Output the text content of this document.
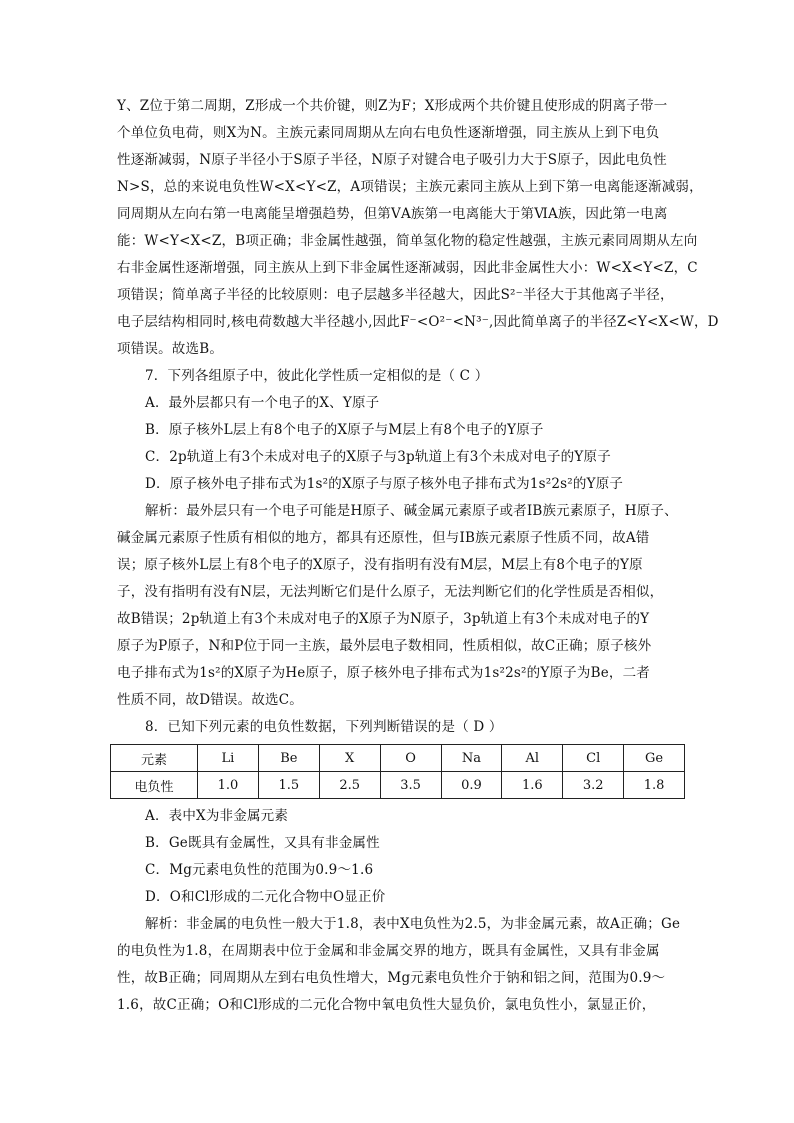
Y、Z位于第二周期，Z形成一个共价键，则Z为F；X形成两个共价键且使形成的阴离子带一
个单位负电荷，则X为N。主族元素同周期从左向右电负性逐渐增强，同主族从上到下电负
性逐渐减弱，N原子半径小于S原子半径，N原子对键合电子吸引力大于S原子，因此电负性
N>S，总的来说电负性W<X<Y<Z，A项错误；主族元素同主族从上到下第一电离能逐渐减弱，
同周期从左向右第一电离能呈增强趋势，但第ⅤA族第一电离能大于第ⅥA族，因此第一电离
能：W<Y<X<Z，B项正确；非金属性越强，简单氢化物的稳定性越强，主族元素同周期从左向
右非金属性逐渐增强，同主族从上到下非金属性逐渐减弱，因此非金属性大小：W<X<Y<Z，C
项错误；简单离子半径的比较原则：电子层越多半径越大，因此S²⁻半径大于其他离子半径，
电子层结构相同时,核电荷数越大半径越小,因此F⁻<O²⁻<N³⁻,因此简单离子的半径Z<Y<X<W，D
项错误。故选B。
7．下列各组原子中，彼此化学性质一定相似的是（ C ）
A．最外层都只有一个电子的X、Y原子
B．原子核外L层上有8个电子的X原子与M层上有8个电子的Y原子
C．2p轨道上有3个未成对电子的X原子与3p轨道上有3个未成对电子的Y原子
D．原子核外电子排布式为1s²的X原子与原子核外电子排布式为1s²2s²的Y原子
解析：最外层只有一个电子可能是H原子、碱金属元素原子或者ⅠB族元素原子，H原子、
碱金属元素原子性质有相似的地方，都具有还原性，但与ⅠB族元素原子性质不同，故A错
误；原子核外L层上有8个电子的X原子，没有指明有没有M层，M层上有8个电子的Y原
子，没有指明有没有N层，无法判断它们是什么原子，无法判断它们的化学性质是否相似，
故B错误；2p轨道上有3个未成对电子的X原子为N原子，3p轨道上有3个未成对电子的Y
原子为P原子，N和P位于同一主族，最外层电子数相同，性质相似，故C正确；原子核外
电子排布式为1s²的X原子为He原子，原子核外电子排布式为1s²2s²的Y原子为Be，二者
性质不同，故D错误。故选C。
8．已知下列元素的电负性数据，下列判断错误的是（ D ）
元素	Li	Be	X	O	Na	Al	Cl	Ge
电负性	1.0	1.5	2.5	3.5	0.9	1.6	3.2	1.8
A．表中X为非金属元素
B．Ge既具有金属性，又具有非金属性
C．Mg元素电负性的范围为0.9～1.6
D．O和Cl形成的二元化合物中O显正价
解析：非金属的电负性一般大于1.8，表中X电负性为2.5，为非金属元素，故A正确；Ge
的电负性为1.8，在周期表中位于金属和非金属交界的地方，既具有金属性，又具有非金属
性，故B正确；同周期从左到右电负性增大，Mg元素电负性介于钠和铝之间，范围为0.9～
1.6，故C正确；O和Cl形成的二元化合物中氧电负性大显负价，氯电负性小，氯显正价，
